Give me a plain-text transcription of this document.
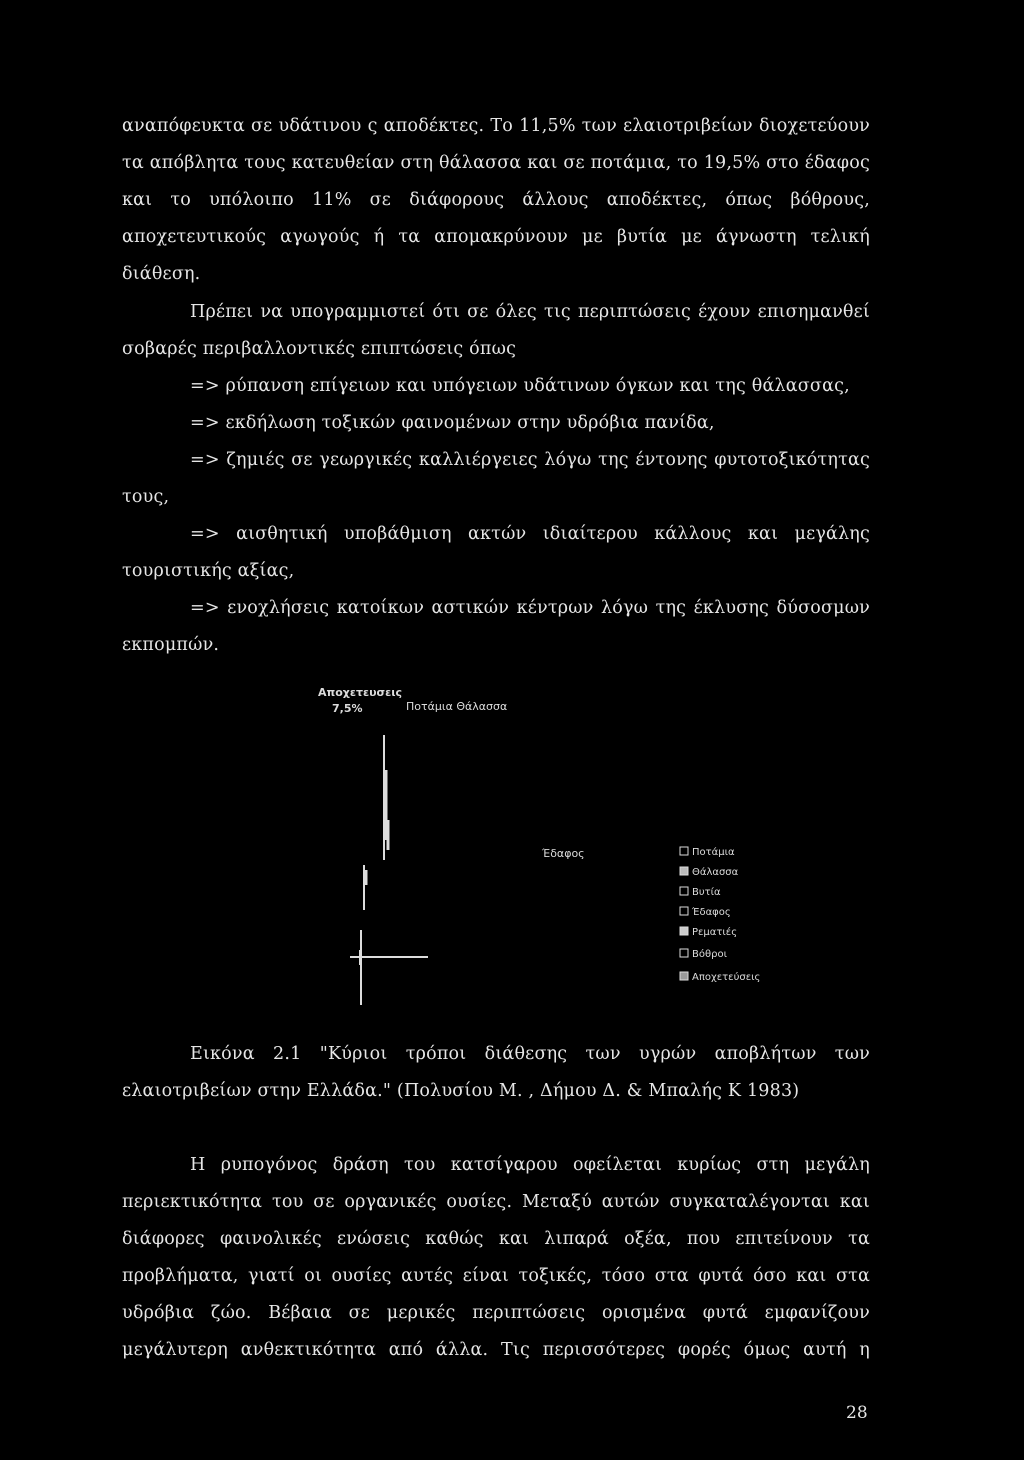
αναπόφευκτα σε υδάτινου ς αποδέκτες. Το 11,5% των ελαιοτριβείων διοχετεύουν
τα απόβλητα τους κατευθείαν στη θάλασσα και σε ποτάμια, το 19,5% στο έδαφος
και το υπόλοιπο 11% σε διάφορους άλλους αποδέκτες, όπως βόθρους,
αποχετευτικούς αγωγούς ή τα απομακρύνουν με βυτία με άγνωστη τελική
διάθεση.
Πρέπει να υπογραμμιστεί ότι σε όλες τις περιπτώσεις έχουν επισημανθεί
σοβαρές περιβαλλοντικές επιπτώσεις όπως
=> ρύπανση επίγειων και υπόγειων υδάτινων όγκων και της θάλασσας,
=> εκδήλωση τοξικών φαινομένων στην υδρόβια πανίδα,
=> ζημιές σε γεωργικές καλλιέργειες λόγω της έντονης φυτοτοξικότητας
τους,
=> αισθητική υποβάθμιση ακτών ιδιαίτερου κάλλους και μεγάλης
τουριστικής αξίας,
=> ενοχλήσεις κατοίκων αστικών κέντρων λόγω της έκλυσης δύσοσμων
εκπομπών.
Αποχετευσεις
7,5%	Ποτάμια Θάλασσα
Έδαφος	Ποτάμια
Θάλασσα
Βυτία
Έδαφος
Ρεματιές
Βόθροι
Αποχετεύσεις
Εικόνα 2.1 "Κύριοι τρόποι διάθεσης των υγρών αποβλήτων των
ελαιοτριβείων στην Ελλάδα." (Πολυσίου Μ. , Δήμου Δ. & Μπαλής Κ 1983)
Η ρυπογόνος δράση του κατσίγαρου οφείλεται κυρίως στη μεγάλη
περιεκτικότητα του σε οργανικές ουσίες. Μεταξύ αυτών συγκαταλέγονται και
διάφορες φαινολικές ενώσεις καθώς και λιπαρά οξέα, που επιτείνουν τα
προβλήματα, γιατί οι ουσίες αυτές είναι τοξικές, τόσο στα φυτά όσο και στα
υδρόβια ζώο. Βέβαια σε μερικές περιπτώσεις ορισμένα φυτά εμφανίζουν
μεγάλυτερη ανθεκτικότητα από άλλα. Τις περισσότερες φορές όμως αυτή η
28
